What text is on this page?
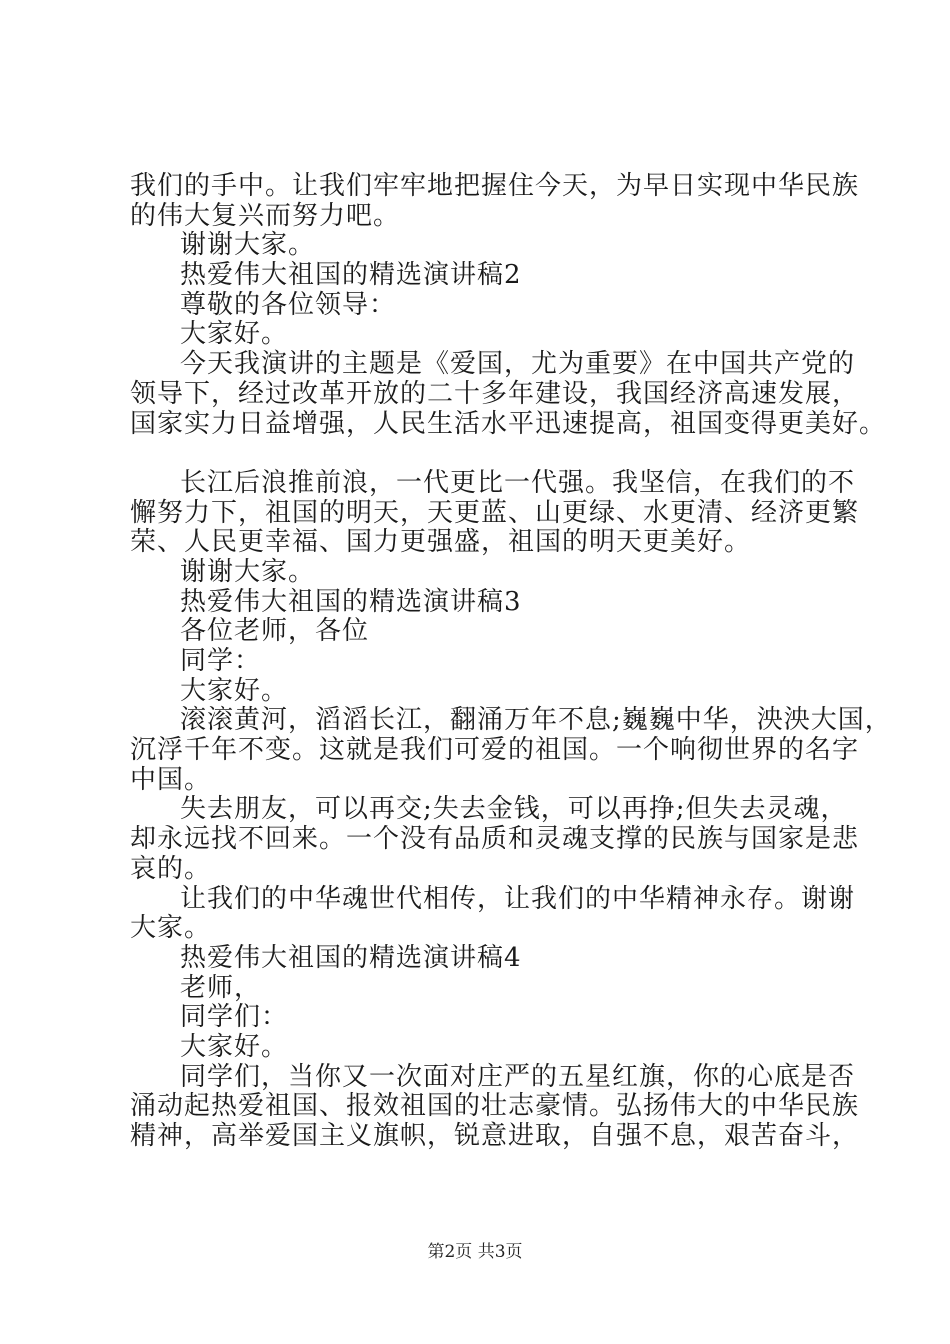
我们的手中。让我们牢牢地把握住今天，为早日实现中华民族
的伟大复兴而努力吧。
谢谢大家。
热爱伟大祖国的精选演讲稿2
尊敬的各位领导：
大家好。
今天我演讲的主题是《爱国，尤为重要》在中国共产党的
领导下，经过改革开放的二十多年建设，我国经济高速发展，
国家实力日益增强，人民生活水平迅速提高，祖国变得更美好。
长江后浪推前浪，一代更比一代强。我坚信，在我们的不
懈努力下，祖国的明天，天更蓝、山更绿、水更清、经济更繁
荣、人民更幸福、国力更强盛，祖国的明天更美好。
谢谢大家。
热爱伟大祖国的精选演讲稿3
各位老师，各位
同学：
大家好。
滚滚黄河，滔滔长江，翻涌万年不息;巍巍中华，泱泱大国，
沉浮千年不变。这就是我们可爱的祖国。一个响彻世界的名字
中国。
失去朋友，可以再交;失去金钱，可以再挣;但失去灵魂，
却永远找不回来。一个没有品质和灵魂支撑的民族与国家是悲
哀的。
让我们的中华魂世代相传，让我们的中华精神永存。谢谢
大家。
热爱伟大祖国的精选演讲稿4
老师，
同学们：
大家好。
同学们，当你又一次面对庄严的五星红旗，你的心底是否
涌动起热爱祖国、报效祖国的壮志豪情。弘扬伟大的中华民族
精神，高举爱国主义旗帜，锐意进取，自强不息，艰苦奋斗，
第2页 共3页
